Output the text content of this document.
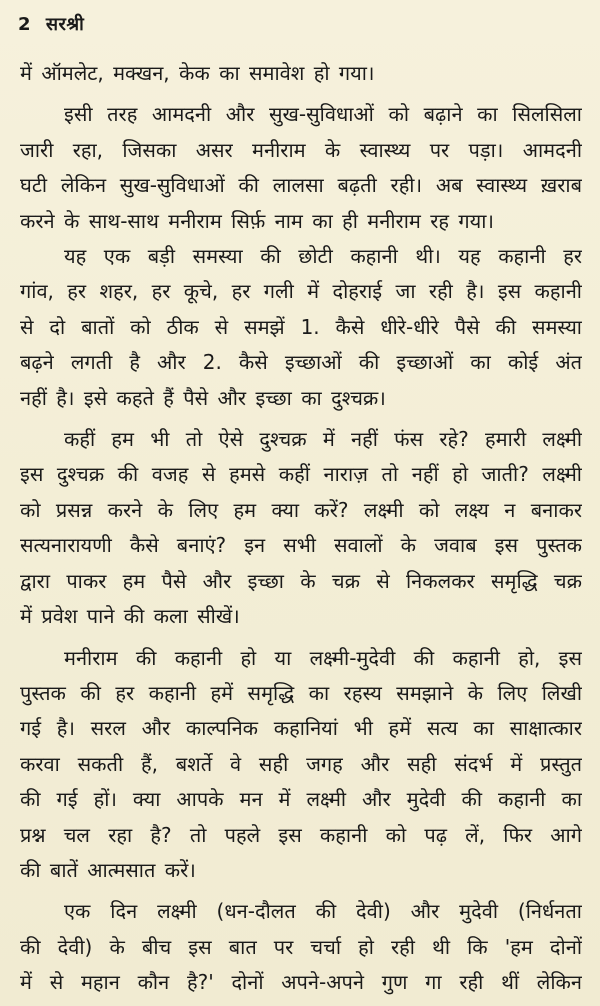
2 सरश्री
में ऑमलेट, मक्खन, केक का समावेश हो गया।
इसी तरह आमदनी और सुख-सुविधाओं को बढ़ाने का सिलसिला
जारी रहा, जिसका असर मनीराम के स्वास्थ्य पर पड़ा। आमदनी
घटी लेकिन सुख-सुविधाओं की लालसा बढ़ती रही। अब स्वास्थ्य ख़राब
करने के साथ-साथ मनीराम सिर्फ़ नाम का ही मनीराम रह गया।
यह एक बड़ी समस्या की छोटी कहानी थी। यह कहानी हर
गांव, हर शहर, हर कूचे, हर गली में दोहराई जा रही है। इस कहानी
से दो बातों को ठीक से समझें 1. कैसे धीरे-धीरे पैसे की समस्या
बढ़ने लगती है और 2. कैसे इच्छाओं की इच्छाओं का कोई अंत
नहीं है। इसे कहते हैं पैसे और इच्छा का दुश्चक्र।
कहीं हम भी तो ऐसे दुश्चक्र में नहीं फंस रहे? हमारी लक्ष्मी
इस दुश्चक्र की वजह से हमसे कहीं नाराज़ तो नहीं हो जाती? लक्ष्मी
को प्रसन्न करने के लिए हम क्या करें? लक्ष्मी को लक्ष्य न बनाकर
सत्यनारायणी कैसे बनाएं? इन सभी सवालों के जवाब इस पुस्तक
द्वारा पाकर हम पैसे और इच्छा के चक्र से निकलकर समृद्धि चक्र
में प्रवेश पाने की कला सीखें।
मनीराम की कहानी हो या लक्ष्मी-मुदेवी की कहानी हो, इस
पुस्तक की हर कहानी हमें समृद्धि का रहस्य समझाने के लिए लिखी
गई है। सरल और काल्पनिक कहानियां भी हमें सत्य का साक्षात्कार
करवा सकती हैं, बशर्ते वे सही जगह और सही संदर्भ में प्रस्तुत
की गई हों। क्या आपके मन में लक्ष्मी और मुदेवी की कहानी का
प्रश्न चल रहा है? तो पहले इस कहानी को पढ़ लें, फिर आगे
की बातें आत्मसात करें।
एक दिन लक्ष्मी (धन-दौलत की देवी) और मुदेवी (निर्धनता
की देवी) के बीच इस बात पर चर्चा हो रही थी कि 'हम दोनों
में से महान कौन है?' दोनों अपने-अपने गुण गा रही थीं लेकिन
